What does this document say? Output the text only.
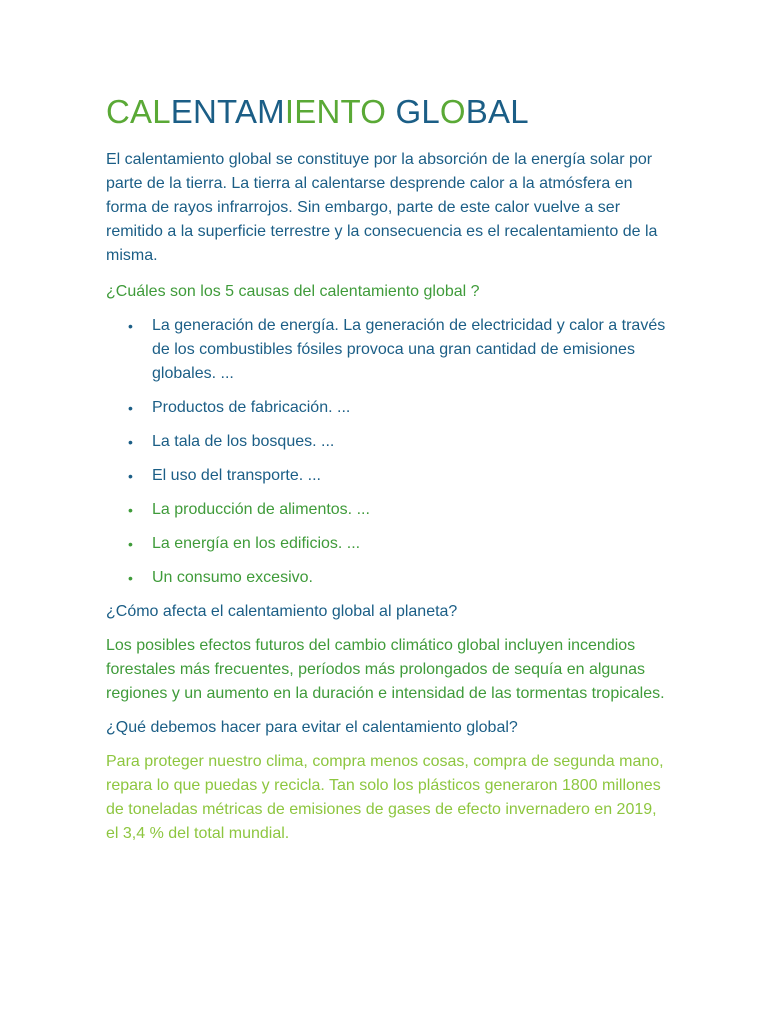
CALENTAMIENTO GLOBAL

El calentamiento global se constituye por la absorción de la energía solar por parte de la tierra. La tierra al calentarse desprende calor a la atmósfera en forma de rayos infrarrojos. Sin embargo, parte de este calor vuelve a ser remitido a la superficie terrestre y la consecuencia es el recalentamiento de la misma.

¿Cuáles son los 5 causas del calentamiento global ?

• La generación de energía. La generación de electricidad y calor a través de los combustibles fósiles provoca una gran cantidad de emisiones globales. ...
• Productos de fabricación. ...
• La tala de los bosques. ...
• El uso del transporte. ...
• La producción de alimentos. ...
• La energía en los edificios. ...
• Un consumo excesivo.

¿Cómo afecta el calentamiento global al planeta?

Los posibles efectos futuros del cambio climático global incluyen incendios forestales más frecuentes, períodos más prolongados de sequía en algunas regiones y un aumento en la duración e intensidad de las tormentas tropicales.

¿Qué debemos hacer para evitar el calentamiento global?

Para proteger nuestro clima, compra menos cosas, compra de segunda mano, repara lo que puedas y recicla. Tan solo los plásticos generaron 1800 millones de toneladas métricas de emisiones de gases de efecto invernadero en 2019, el 3,4 % del total mundial.
